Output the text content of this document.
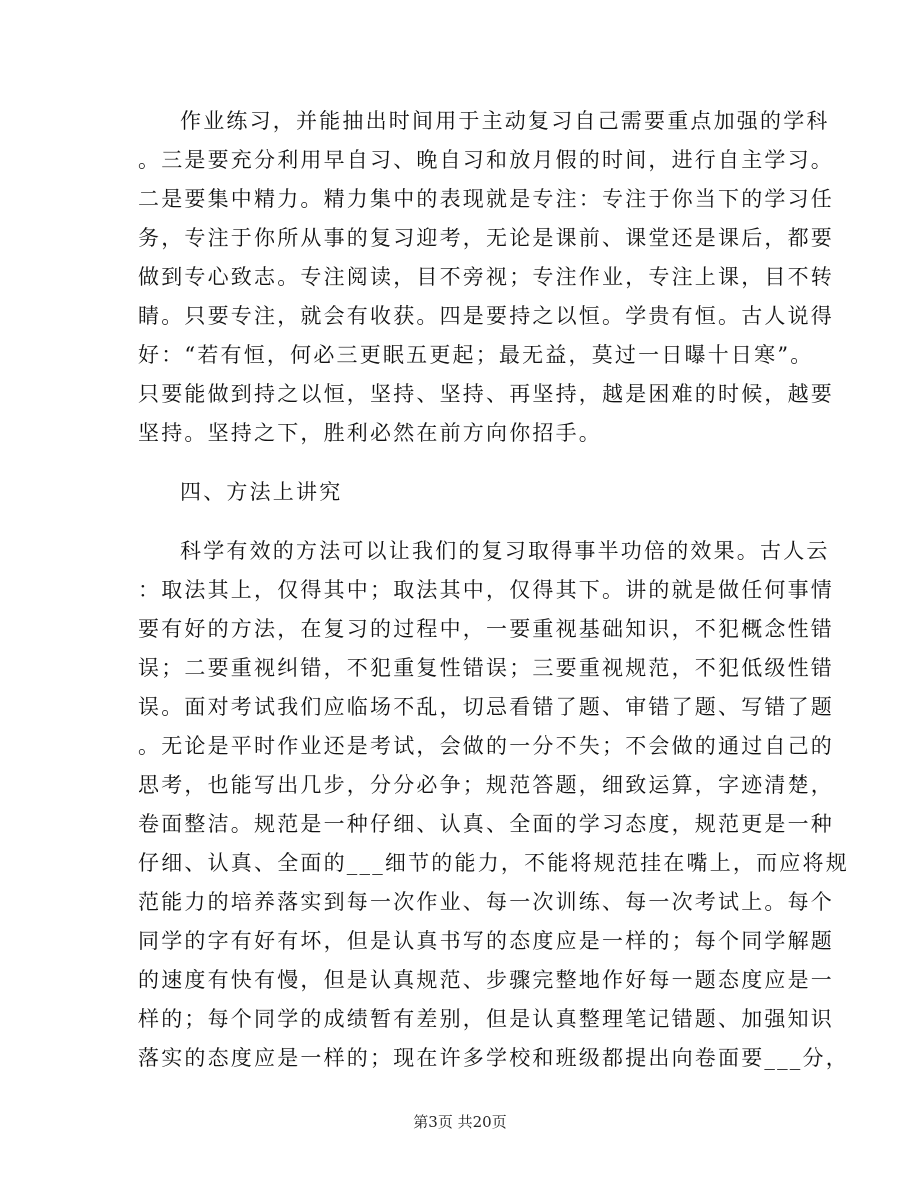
作业练习，并能抽出时间用于主动复习自己需要重点加强的学科
。三是要充分利用早自习、晚自习和放月假的时间，进行自主学习。
二是要集中精力。精力集中的表现就是专注：专注于你当下的学习任
务，专注于你所从事的复习迎考，无论是课前、课堂还是课后，都要
做到专心致志。专注阅读，目不旁视；专注作业，专注上课，目不转
睛。只要专注，就会有收获。四是要持之以恒。学贵有恒。古人说得
好：“若有恒，何必三更眠五更起；最无益，莫过一日曝十日寒”。
只要能做到持之以恒，坚持、坚持、再坚持，越是困难的时候，越要
坚持。坚持之下，胜利必然在前方向你招手。
四、方法上讲究
科学有效的方法可以让我们的复习取得事半功倍的效果。古人云
：取法其上，仅得其中；取法其中，仅得其下。讲的就是做任何事情
要有好的方法，在复习的过程中，一要重视基础知识，不犯概念性错
误；二要重视纠错，不犯重复性错误；三要重视规范，不犯低级性错
误。面对考试我们应临场不乱，切忌看错了题、审错了题、写错了题
。无论是平时作业还是考试，会做的一分不失；不会做的通过自己的
思考，也能写出几步，分分必争；规范答题，细致运算，字迹清楚，
卷面整洁。规范是一种仔细、认真、全面的学习态度，规范更是一种
仔细、认真、全面的___细节的能力，不能将规范挂在嘴上，而应将规
范能力的培养落实到每一次作业、每一次训练、每一次考试上。每个
同学的字有好有坏，但是认真书写的态度应是一样的；每个同学解题
的速度有快有慢，但是认真规范、步骤完整地作好每一题态度应是一
样的；每个同学的成绩暂有差别，但是认真整理笔记错题、加强知识
落实的态度应是一样的；现在许多学校和班级都提出向卷面要___分，
第3页 共20页
